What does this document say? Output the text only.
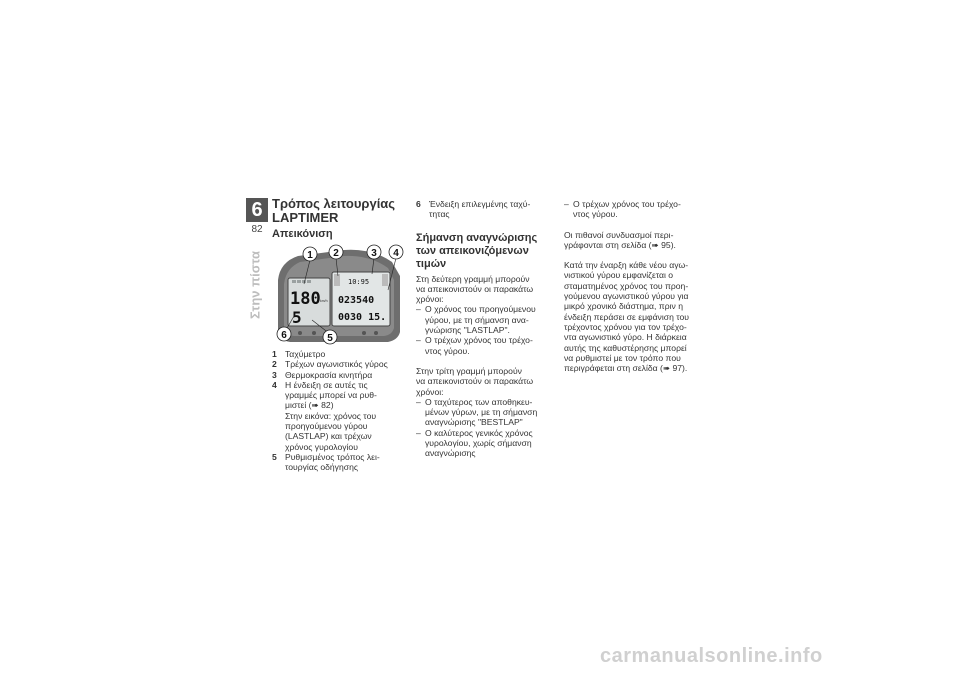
6
82
Στην πίστα
Τρόπος λειτουργίας
LAPTIMER
Απεικόνιση
180 km/h
5
10:95
023540
0030 15.
1 2	3 4
5
6
1 Ταχύμετρο
2 Τρέχων αγωνιστικός γύρος
3 Θερμοκρασία κινητήρα
4 Η ένδειξη σε αυτές τις
γραμμές μπορεί να ρυθ-
μιστεί (➠ 82)
Στην εικόνα: χρόνος του
προηγούμενου γύρου
(LASTLAP) και τρέχων
χρόνος γυρολογίου
5 Ρυθμισμένος τρόπος λει-
τουργίας οδήγησης
6 Ένδειξη επιλεγμένης ταχύ-
τητας
Σήμανση αναγνώρισης
των απεικονιζόμενων
τιμών
Στη δεύτερη γραμμή μπορούν
να απεικονιστούν οι παρακάτω
χρόνοι:
– Ο χρόνος του προηγούμενου
γύρου, με τη σήμανση ανα-
γνώρισης "LASTLAP".
– Ο τρέχων χρόνος του τρέχο-
ντος γύρου.
Στην τρίτη γραμμή μπορούν
να απεικονιστούν οι παρακάτω
χρόνοι:
– Ο ταχύτερος των αποθηκευ-
μένων γύρων, με τη σήμανση
αναγνώρισης "BESTLAP"
– Ο καλύτερος γενικός χρόνος
γυρολογίου, χωρίς σήμανση
αναγνώρισης
– Ο τρέχων χρόνος του τρέχο-
ντος γύρου.
Οι πιθανοί συνδυασμοί περι-
γράφονται στη σελίδα (➠ 95).
Κατά την έναρξη κάθε νέου αγω-
νιστικού γύρου εμφανίζεται ο
σταματημένος χρόνος του προη-
γούμενου αγωνιστικού γύρου για
μικρό χρονικό διάστημα, πριν η
ένδειξη περάσει σε εμφάνιση του
τρέχοντος χρόνου για τον τρέχο-
ντα αγωνιστικό γύρο. Η διάρκεια
αυτής της καθυστέρησης μπορεί
να ρυθμιστεί με τον τρόπο που
περιγράφεται στη σελίδα (➠ 97).
carmanualsonline.info
